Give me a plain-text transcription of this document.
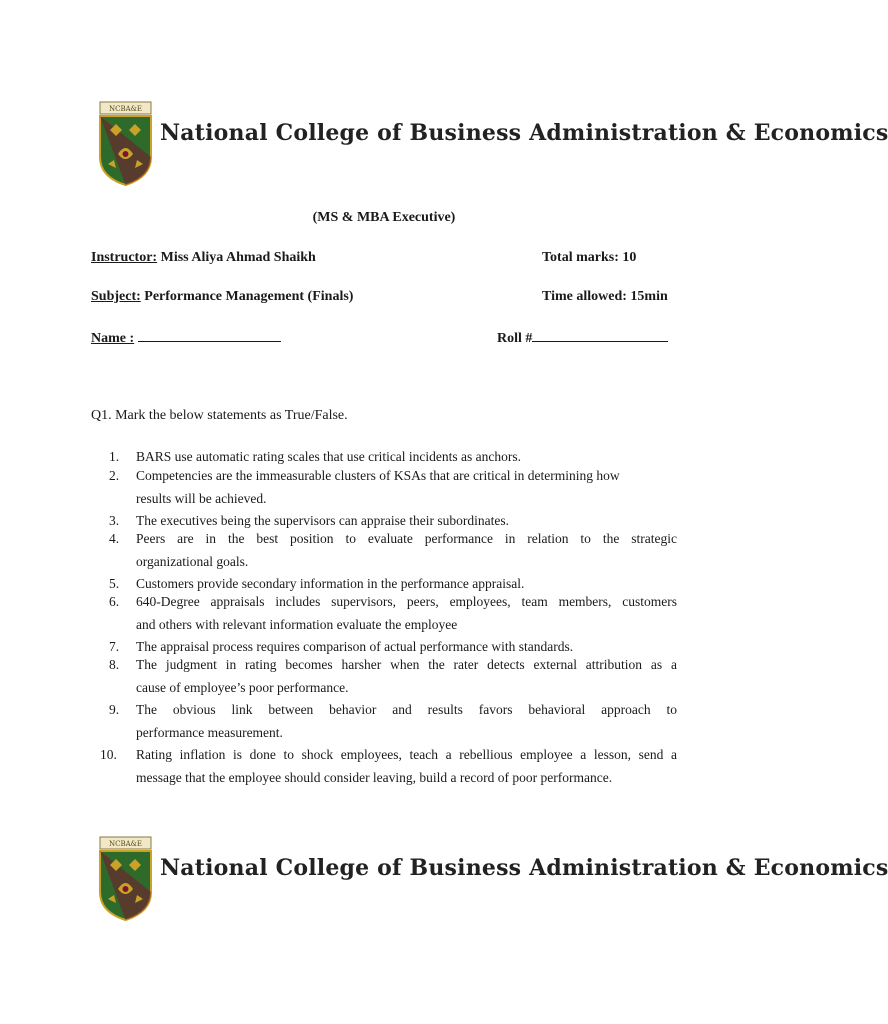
NCBA&E
National College of Business Administration & Economics
(MS & MBA Executive)
Instructor: Miss Aliya Ahmad Shaikh	Total marks: 10
Subject: Performance Management (Finals)	Time allowed: 15min
Name :	Roll #
Q1. Mark the below statements as True/False.
1. BARS use automatic rating scales that use critical incidents as anchors.
2. Competencies are the immeasurable clusters of KSAs that are critical in determining how
results will be achieved.
3. The executives being the supervisors can appraise their subordinates.
4. Peers are in the best position to evaluate performance in relation to the strategic
organizational goals.
5. Customers provide secondary information in the performance appraisal.
6. 640-Degree appraisals includes supervisors, peers, employees, team members, customers
and others with relevant information evaluate the employee
7. The appraisal process requires comparison of actual performance with standards.
8. The judgment in rating becomes harsher when the rater detects external attribution as a
cause of employee’s poor performance.
9. The obvious link between behavior and results favors behavioral approach to
performance measurement.
10. Rating inflation is done to shock employees, teach a rebellious employee a lesson, send a
message that the employee should consider leaving, build a record of poor performance.
NCBA&E
National College of Business Administration & Economics
